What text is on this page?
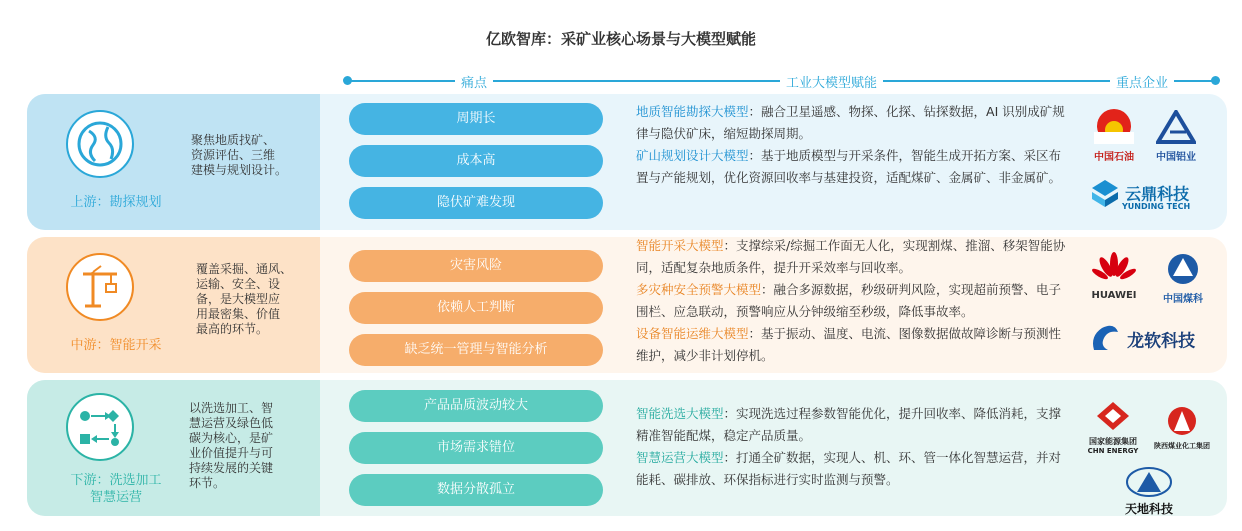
亿欧智库：采矿业核心场景与大模型赋能
痛点	工业大模型赋能	重点企业
上游：勘探规划
聚焦地质找矿、
资源评估、三维
建模与规划设计。
周期长
成本高
隐伏矿难发现
地质智能勘探大模型：融合卫星遥感、物探、化探、钻探数据，AI 识别成矿规律与隐伏矿床，缩短勘探周期。
矿山规划设计大模型：基于地质模型与开采条件，智能生成开拓方案、采区布置与产能规划，优化资源回收率与基建投资，适配煤矿、金属矿、非金属矿。
中国石油	中国铝业
云鼎科技
YUNDING TECH
中游：智能开采
覆盖采掘、通风、
运输、安全、设
备，是大模型应
用最密集、价值
最高的环节。
灾害风险
依赖人工判断
缺乏统一管理与智能分析
智能开采大模型：支撑综采/综掘工作面无人化，实现割煤、推溜、移架智能协同，适配复杂地质条件，提升开采效率与回收率。
多灾种安全预警大模型：融合多源数据，秒级研判风险，实现超前预警、电子围栏、应急联动，预警响应从分钟级缩至秒级，降低事故率。
设备智能运维大模型：基于振动、温度、电流、图像数据做故障诊断与预测性维护，减少非计划停机。
HUAWEI	中国煤科
龙软科技
下游：洗选加工
智慧运营
以洗选加工、智
慧运营及绿色低
碳为核心，是矿
业价值提升与可
持续发展的关键
环节。
产品品质波动较大
市场需求错位
数据分散孤立
智能洗选大模型：实现洗选过程参数智能优化，提升回收率、降低消耗，支撑精准智能配煤，稳定产品质量。
智慧运营大模型：打通全矿数据，实现人、机、环、管一体化智慧运营，并对能耗、碳排放、环保指标进行实时监测与预警。
国家能源集团
CHN ENERGY
陕西煤业化工集团
天地科技
